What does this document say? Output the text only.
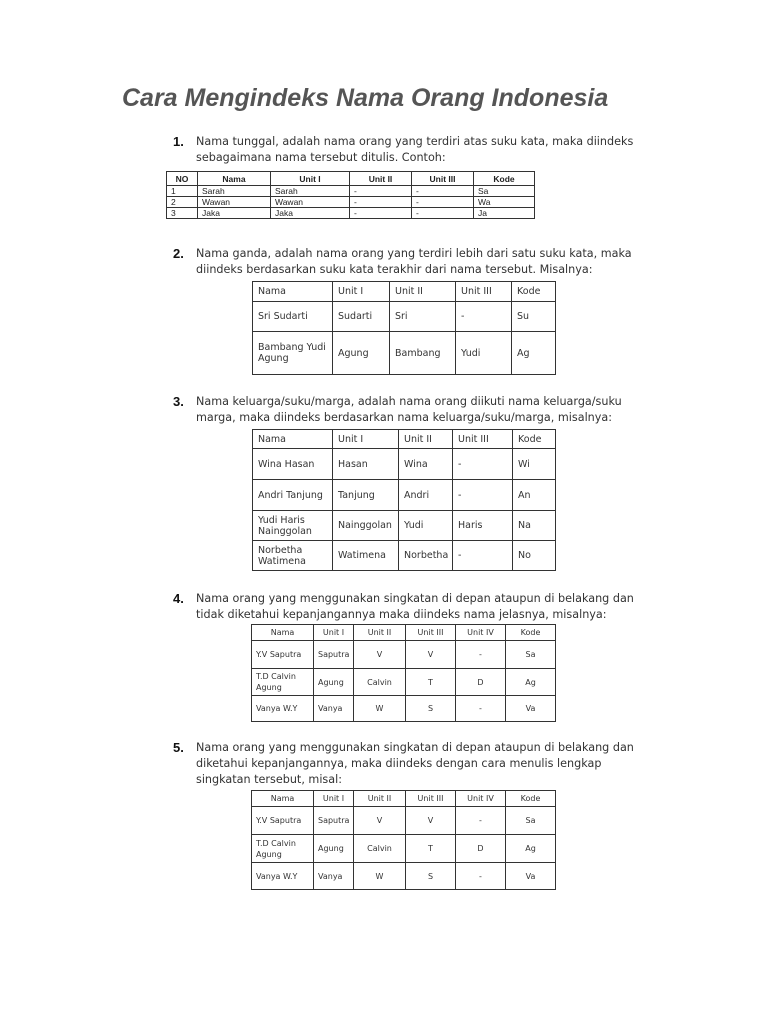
Cara Mengindeks Nama Orang Indonesia
1. Nama tunggal, adalah nama orang yang terdiri atas suku kata, maka diindeks sebagaimana nama tersebut ditulis. Contoh:
NO	Nama	Unit I	Unit II	Unit III	Kode
1	Sarah	Sarah	-	-	Sa
2	Wawan	Wawan	-	-	Wa
3	Jaka	Jaka	-	-	Ja
2. Nama ganda, adalah nama orang yang terdiri lebih dari satu suku kata, maka diindeks berdasarkan suku kata terakhir dari nama tersebut. Misalnya:
Nama	Unit I	Unit II	Unit III	Kode
Sri Sudarti	Sudarti	Sri	-	Su
Bambang Yudi Agung	Agung	Bambang	Yudi	Ag
3. Nama keluarga/suku/marga, adalah nama orang diikuti nama keluarga/suku marga, maka diindeks berdasarkan nama keluarga/suku/marga, misalnya:
Nama	Unit I	Unit II	Unit III	Kode
Wina Hasan	Hasan	Wina	-	Wi
Andri Tanjung	Tanjung	Andri	-	An
Yudi Haris Nainggolan	Nainggolan	Yudi	Haris	Na
Norbetha Watimena	Watimena	Norbetha	-	No
4. Nama orang yang menggunakan singkatan di depan ataupun di belakang dan tidak diketahui kepanjangannya maka diindeks nama jelasnya, misalnya:
Nama	Unit I	Unit II	Unit III	Unit IV	Kode
Y.V Saputra	Saputra	V	V	-	Sa
T.D Calvin Agung	Agung	Calvin	T	D	Ag
Vanya W.Y	Vanya	W	S	-	Va
5. Nama orang yang menggunakan singkatan di depan ataupun di belakang dan diketahui kepanjangannya, maka diindeks dengan cara menulis lengkap singkatan tersebut, misal:
Nama	Unit I	Unit II	Unit III	Unit IV	Kode
Y.V Saputra	Saputra	V	V	-	Sa
T.D Calvin Agung	Agung	Calvin	T	D	Ag
Vanya W.Y	Vanya	W	S	-	Va
